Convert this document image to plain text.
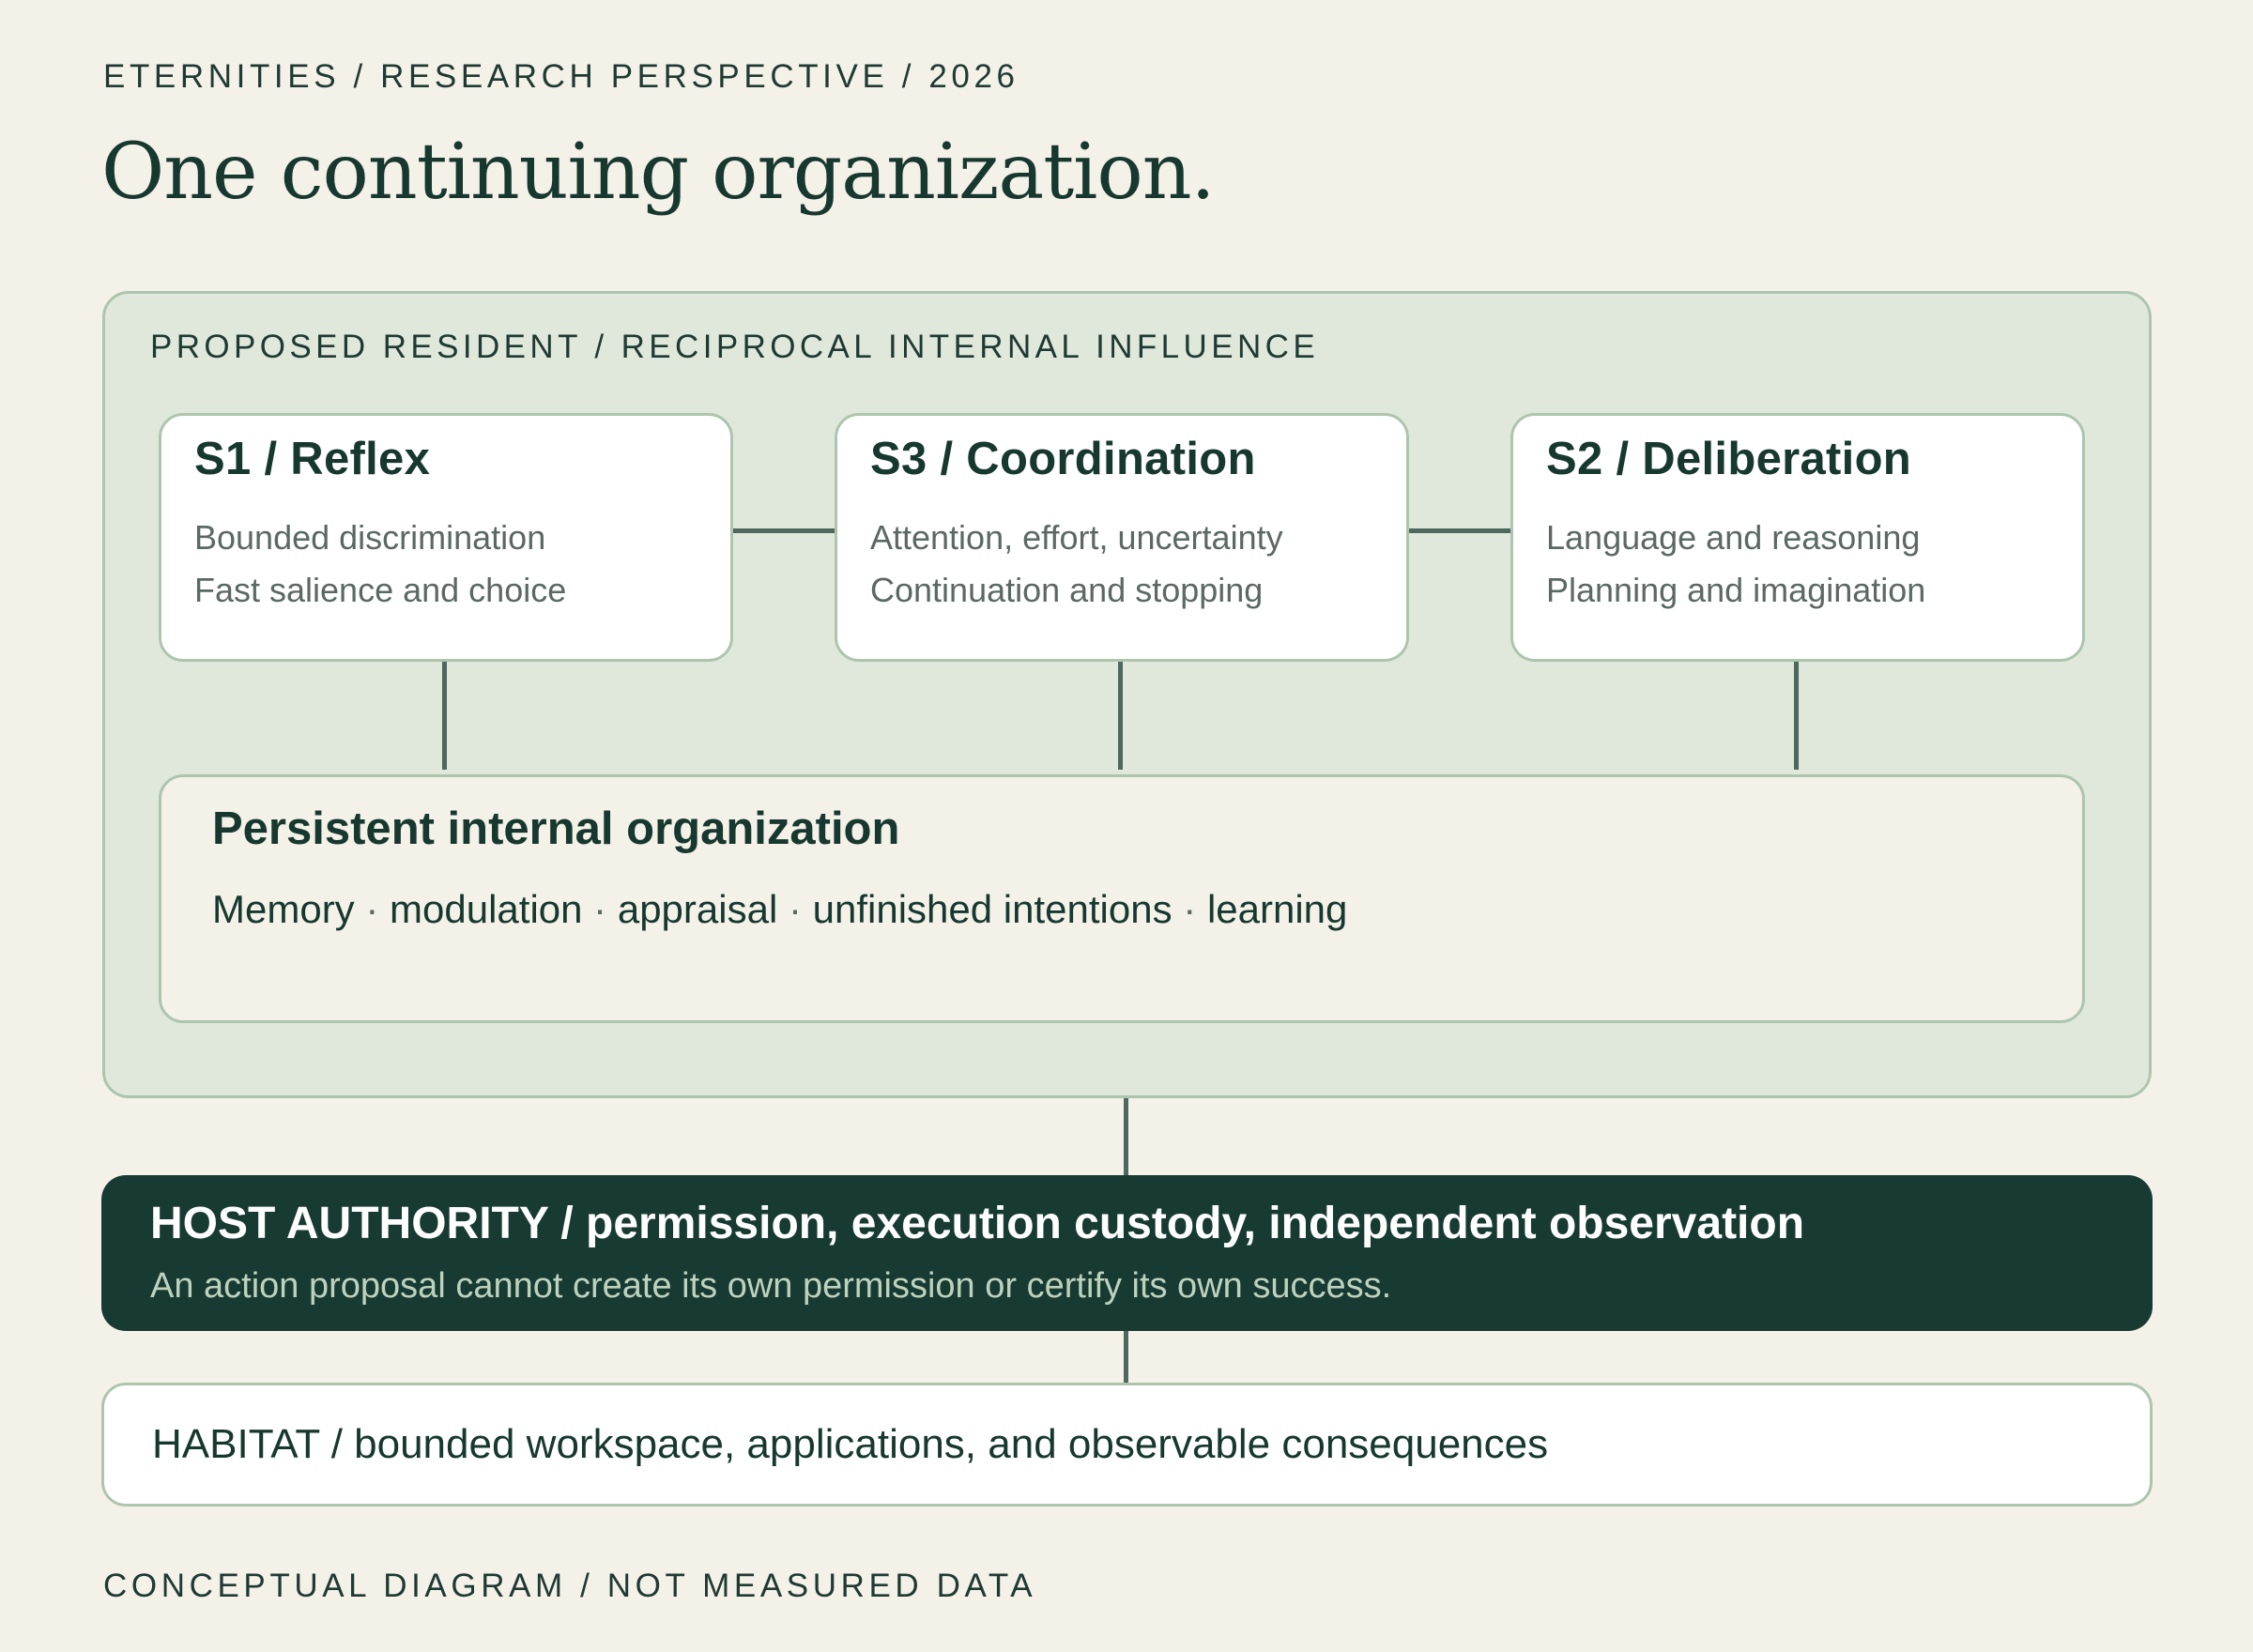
ETERNITIES / RESEARCH PERSPECTIVE / 2026
One continuing organization.
PROPOSED RESIDENT / RECIPROCAL INTERNAL INFLUENCE
S1 / Reflex
Bounded discrimination
Fast salience and choice
S3 / Coordination
Attention, effort, uncertainty
Continuation and stopping
S2 / Deliberation
Language and reasoning
Planning and imagination
Persistent internal organization
Memory · modulation · appraisal · unfinished intentions · learning
HOST AUTHORITY / permission, execution custody, independent observation
An action proposal cannot create its own permission or certify its own success.
HABITAT / bounded workspace, applications, and observable consequences
CONCEPTUAL DIAGRAM / NOT MEASURED DATA
